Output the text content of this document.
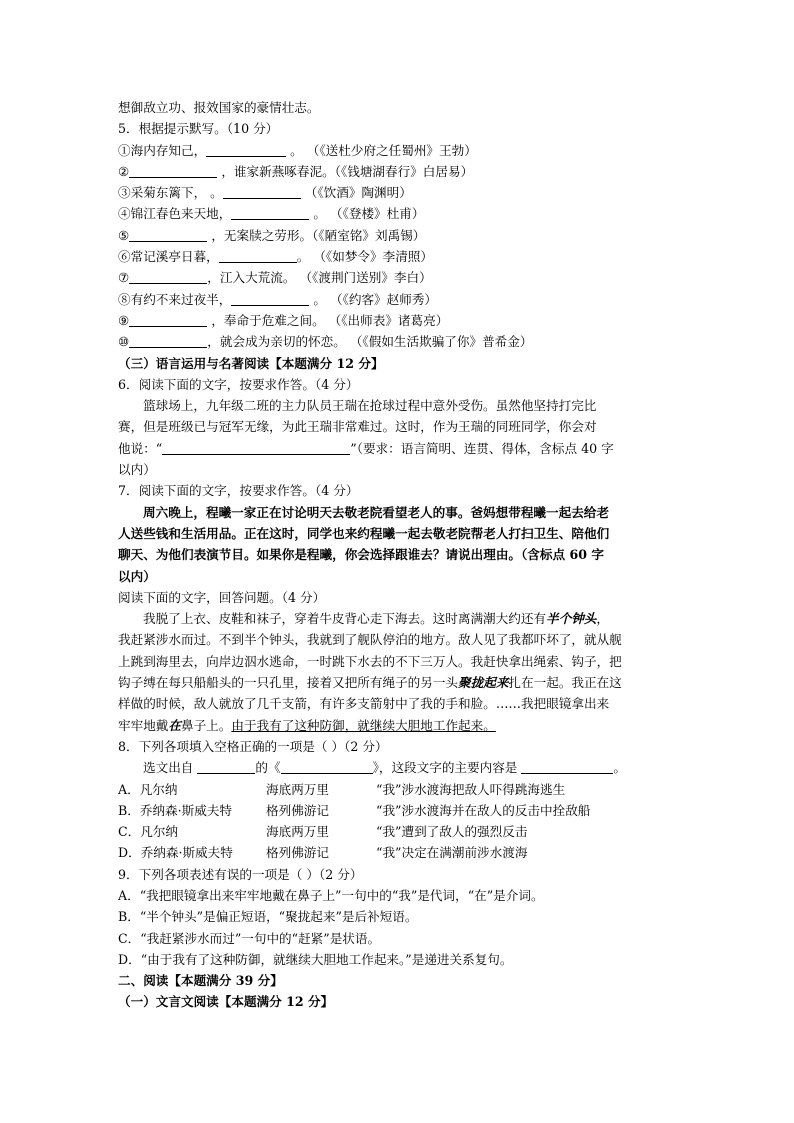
想御敌立功、报效国家的豪情壮志。
5．根据提示默写。（10 分）
①海内存知己，	。 （《送杜少府之任蜀州》王勃）
②	，谁家新燕啄春泥。（《钱塘湖春行》白居易）
③采菊东篱下， 。	（《饮酒》陶渊明）
④锦江春色来天地，	。 （《登楼》杜甫）
⑤	，无案牍之劳形。（《陋室铭》刘禹锡）
⑥常记溪亭日暮，	。 （《如梦令》李清照）
⑦	，江入大荒流。 （《渡荆门送别》李白）
⑧有约不来过夜半，	。 （《约客》赵师秀）
⑨	，奉命于危难之间。 （《出师表》诸葛亮）
⑩	，就会成为亲切的怀恋。 （《假如生活欺骗了你》普希金）
（三）语言运用与名著阅读【本题满分 12 分】
6．阅读下面的文字，按要求作答。（4 分）
篮球场上，九年级二班的主力队员王瑞在抢球过程中意外受伤。虽然他坚持打完比
赛，但是班级已与冠军无缘，为此王瑞非常难过。这时，作为王瑞的同班同学，你会对
他说：“	”（要求：语言简明、连贯、得体，含标点 40 字
以内）
7．阅读下面的文字，按要求作答。（4 分）
周六晚上，程曦一家正在讨论明天去敬老院看望老人的事。爸妈想带程曦一起去给老
人送些钱和生活用品。正在这时，同学也来约程曦一起去敬老院帮老人打扫卫生、陪他们
聊天、为他们表演节目。如果你是程曦，你会选择跟谁去？请说出理由。（含标点 60 字
以内）
阅读下面的文字，回答问题。（4 分）
我脱了上衣、皮鞋和袜子，穿着牛皮背心走下海去。这时离满潮大约还有半个钟头，
我赶紧涉水而过。不到半个钟头，我就到了舰队停泊的地方。敌人见了我都吓坏了，就从舰
上跳到海里去，向岸边泅水逃命，一时跳下水去的不下三万人。我赶快拿出绳索、钩子，把
钩子缚在每只船船头的一只孔里，接着又把所有绳子的另一头聚拢起来扎在一起。我正在这
样做的时候，敌人就放了几千支箭，有许多支箭射中了我的手和脸。……我把眼镜拿出来
牢牢地戴在鼻子上。由于我有了这种防御，就继续大胆地工作起来。
8．下列各项填入空格正确的一项是（ ）（2 分）
选文出自	的《	》，这段文字的主要内容是	。
A．凡尔纳	海底两万里	“我”涉水渡海把敌人吓得跳海逃生
B．乔纳森·斯威夫特	格列佛游记	“我”涉水渡海并在敌人的反击中拴敌船
C．凡尔纳	海底两万里	“我”遭到了敌人的强烈反击
D．乔纳森·斯威夫特	格列佛游记	“我”决定在满潮前涉水渡海
9．下列各项表述有误的一项是（ ）（2 分）
A．“我把眼镜拿出来牢牢地戴在鼻子上”一句中的“我”是代词，“在”是介词。
B．“半个钟头”是偏正短语，“聚拢起来”是后补短语。
C．“我赶紧涉水而过”一句中的“赶紧”是状语。
D．“由于我有了这种防御，就继续大胆地工作起来。”是递进关系复句。
二、阅读【本题满分 39 分】
（一）文言文阅读【本题满分 12 分】
